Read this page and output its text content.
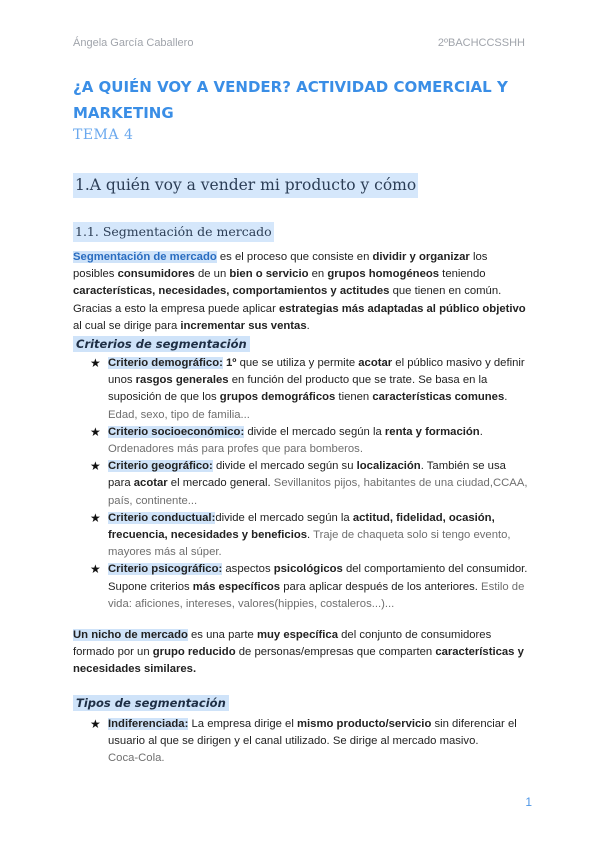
Ángela García Caballero	2ºBACHCCSSHH
¿A QUIÉN VOY A VENDER? ACTIVIDAD COMERCIAL Y MARKETING
TEMA 4
1.A quién voy a vender mi producto y cómo
1.1. Segmentación de mercado
Segmentación de mercado es el proceso que consiste en dividir y organizar los posibles consumidores de un bien o servicio en grupos homogéneos teniendo características, necesidades, comportamientos y actitudes que tienen en común.
Gracias a esto la empresa puede aplicar estrategias más adaptadas al público objetivo al cual se dirige para incrementar sus ventas.
Criterios de segmentación
★ Criterio demográfico: 1º que se utiliza y permite acotar el público masivo y definir unos rasgos generales en función del producto que se trate. Se basa en la suposición de que los grupos demográficos tienen características comunes. Edad, sexo, tipo de familia...
★ Criterio socioeconómico: divide el mercado según la renta y formación.
Ordenadores más para profes que para bomberos.
★ Criterio geográfico: divide el mercado según su localización. También se usa para acotar el mercado general. Sevillanitos pijos, habitantes de una ciudad,CCAA, país, continente...
★ Criterio conductual:divide el mercado según la actitud, fidelidad, ocasión, frecuencia, necesidades y beneficios. Traje de chaqueta solo si tengo evento, mayores más al súper.
★ Criterio psicográfico: aspectos psicológicos del comportamiento del consumidor. Supone criterios más específicos para aplicar después de los anteriores. Estilo de vida: aficiones, intereses, valores(hippies, costaleros...)...
Un nicho de mercado es una parte muy específica del conjunto de consumidores formado por un grupo reducido de personas/empresas que comparten características y necesidades similares.
Tipos de segmentación
★ Indiferenciada: La empresa dirige el mismo producto/servicio sin diferenciar el usuario al que se dirigen y el canal utilizado. Se dirige al mercado masivo.
Coca-Cola.
1
